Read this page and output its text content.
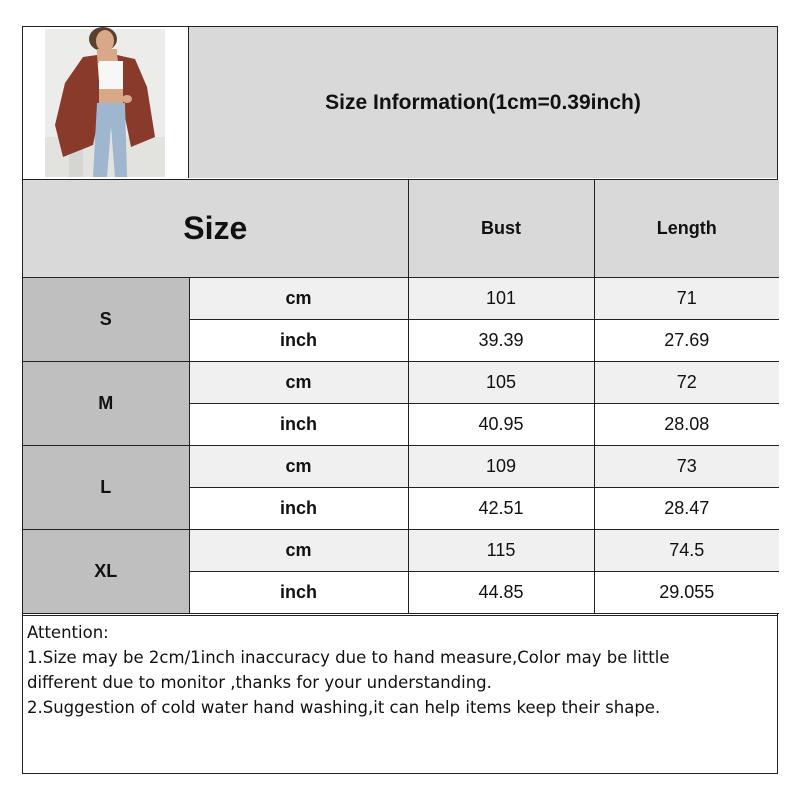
Size Information(1cm=0.39inch)
Size		Bust	Length
S	cm	101	71
	inch	39.39	27.69
M	cm	105	72
	inch	40.95	28.08
L	cm	109	73
	inch	42.51	28.47
XL	cm	115	74.5
	inch	44.85	29.055
Attention:
1.Size may be 2cm/1inch inaccuracy due to hand measure,Color may be little
different due to monitor ,thanks for your understanding.
2.Suggestion of cold water hand washing,it can help items keep their shape.
